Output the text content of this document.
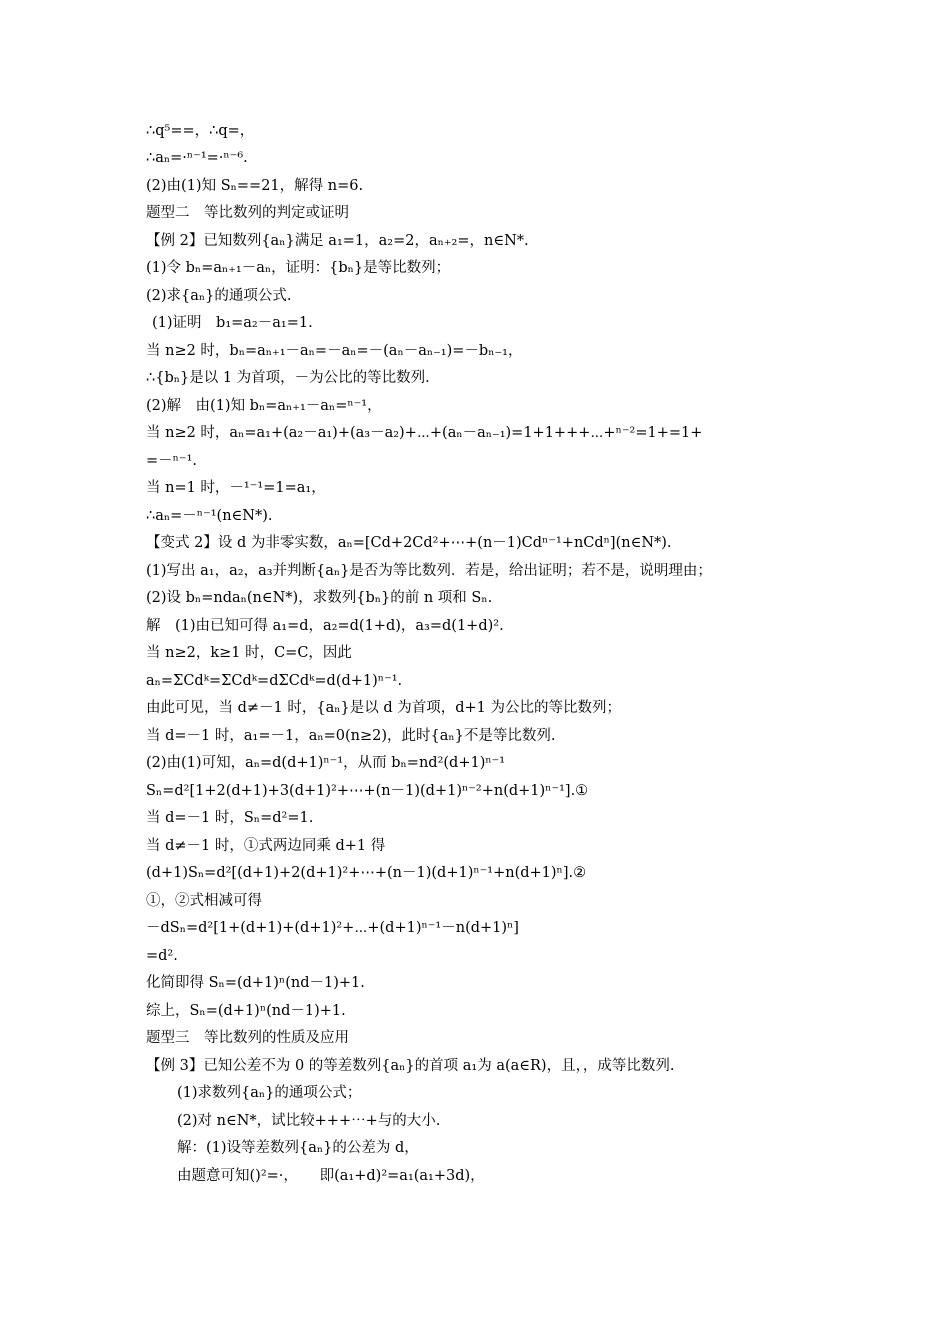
∴q⁵==，∴q=，
∴aₙ=·ⁿ⁻¹=·ⁿ⁻⁶.
(2)由(1)知 Sₙ==21，解得 n=6.
题型二　等比数列的判定或证明
【例 2】已知数列{aₙ}满足 a₁=1，a₂=2，aₙ₊₂=，n∈N*.
(1)令 bₙ=aₙ₊₁－aₙ，证明：{bₙ}是等比数列；
(2)求{aₙ}的通项公式.
(1)证明　b₁=a₂－a₁=1.
当 n≥2 时，bₙ=aₙ₊₁－aₙ=－aₙ=－(aₙ－aₙ₋₁)=－bₙ₋₁，
∴{bₙ}是以 1 为首项，－为公比的等比数列.
(2)解　由(1)知 bₙ=aₙ₊₁－aₙ=ⁿ⁻¹，
当 n≥2 时，aₙ=a₁+(a₂－a₁)+(a₃－a₂)+⋯+(aₙ－aₙ₋₁)=1+1+++⋯+ⁿ⁻²=1+=1+
=－ⁿ⁻¹.
当 n=1 时，－¹⁻¹=1=a₁，
∴aₙ=－ⁿ⁻¹(n∈N*).
【变式 2】设 d 为非零实数，aₙ=[Cd+2Cd²+⋯+(n－1)Cdⁿ⁻¹+nCdⁿ](n∈N*).
(1)写出 a₁，a₂，a₃并判断{aₙ}是否为等比数列．若是，给出证明；若不是，说明理由；
(2)设 bₙ=ndaₙ(n∈N*)，求数列{bₙ}的前 n 项和 Sₙ.
解　(1)由已知可得 a₁=d，a₂=d(1+d)，a₃=d(1+d)².
当 n≥2，k≥1 时，C=C，因此
aₙ=ΣCdᵏ=ΣCdᵏ=dΣCdᵏ=d(d+1)ⁿ⁻¹.
由此可见，当 d≠－1 时，{aₙ}是以 d 为首项，d+1 为公比的等比数列；
当 d=－1 时，a₁=－1，aₙ=0(n≥2)，此时{aₙ}不是等比数列.
(2)由(1)可知，aₙ=d(d+1)ⁿ⁻¹，从而 bₙ=nd²(d+1)ⁿ⁻¹
Sₙ=d²[1+2(d+1)+3(d+1)²+⋯+(n－1)(d+1)ⁿ⁻²+n(d+1)ⁿ⁻¹].①
当 d=－1 时，Sₙ=d²=1.
当 d≠－1 时，①式两边同乘 d+1 得
(d+1)Sₙ=d²[(d+1)+2(d+1)²+⋯+(n－1)(d+1)ⁿ⁻¹+n(d+1)ⁿ].②
①，②式相减可得
－dSₙ=d²[1+(d+1)+(d+1)²+⋯+(d+1)ⁿ⁻¹－n(d+1)ⁿ]
=d².
化简即得 Sₙ=(d+1)ⁿ(nd－1)+1.
综上，Sₙ=(d+1)ⁿ(nd－1)+1.
题型三　等比数列的性质及应用
【例 3】已知公差不为 0 的等差数列{aₙ}的首项 a₁为 a(a∈R)，且，，成等比数列.
(1)求数列{aₙ}的通项公式；
(2)对 n∈N*，试比较+++⋯+与的大小.
解：(1)设等差数列{aₙ}的公差为 d，
由题意可知()²=·，　　即(a₁+d)²=a₁(a₁+3d)，
